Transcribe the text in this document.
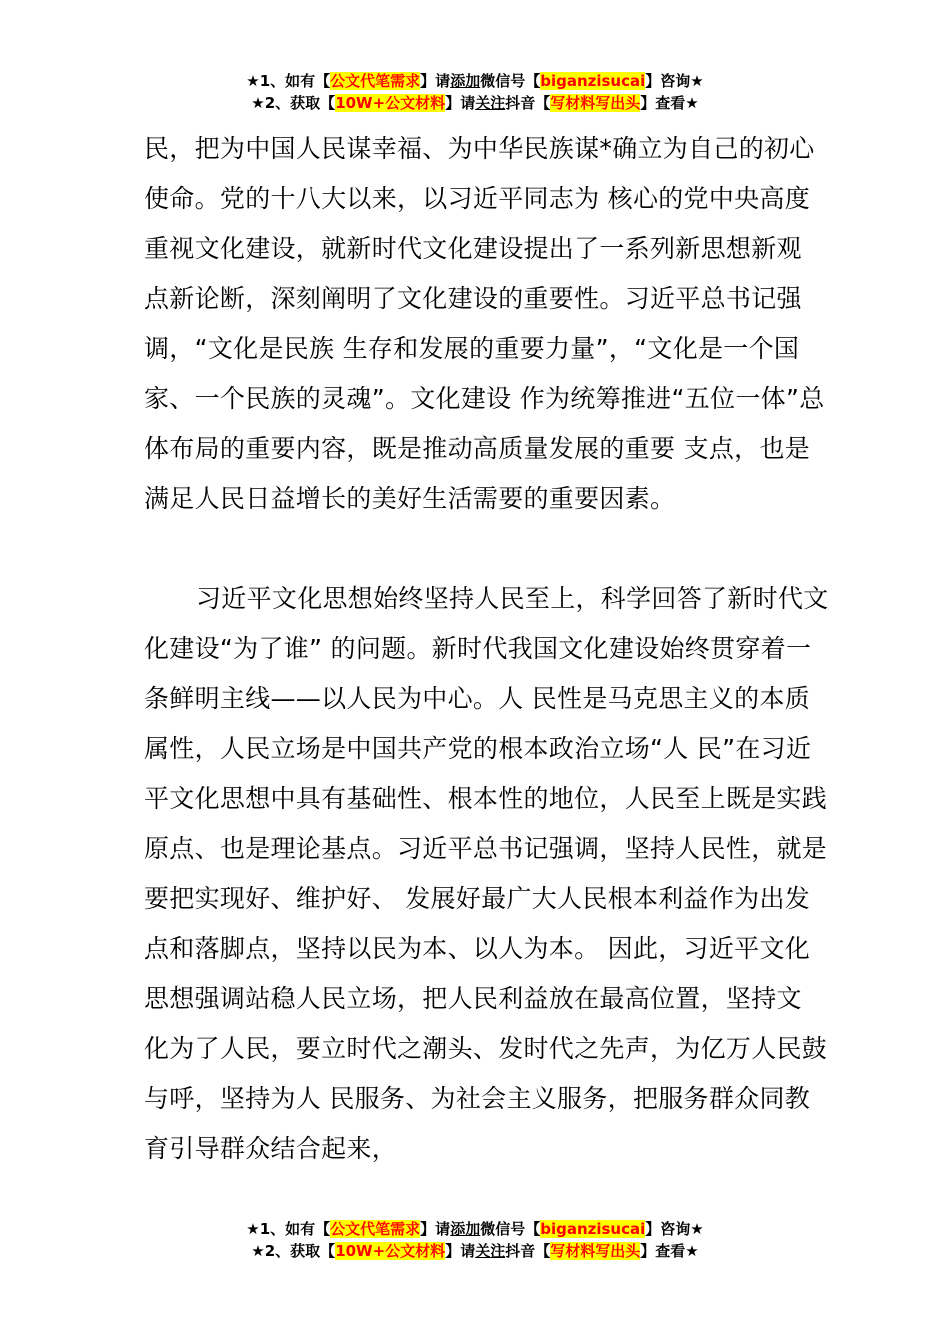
★1、如有【公文代笔需求】请添加微信号【biganzisucai】咨询★
★2、获取【10W+公文材料】请关注抖音【写材料写出头】查看★

民，把为中国人民谋幸福、为中华民族谋*确立为自己的初心使命。党的十八大以来，以习近平同志为 核心的党中央高度重视文化建设，就新时代文化建设提出了一系列新思想新观 点新论断，深刻阐明了文化建设的重要性。习近平总书记强调，“文化是民族 生存和发展的重要力量”，“文化是一个国家、一个民族的灵魂”。文化建设 作为统筹推进“五位一体”总体布局的重要内容，既是推动高质量发展的重要 支点，也是满足人民日益增长的美好生活需要的重要因素。

习近平文化思想始终坚持人民至上，科学回答了新时代文化建设“为了谁” 的问题。新时代我国文化建设始终贯穿着一条鲜明主线——以人民为中心。人 民性是马克思主义的本质属性，人民立场是中国共产党的根本政治立场“人 民”在习近平文化思想中具有基础性、根本性的地位，人民至上既是实践原点、也是理论基点。习近平总书记强调，坚持人民性，就是要把实现好、维护好、 发展好最广大人民根本利益作为出发点和落脚点，坚持以民为本、以人为本。 因此，习近平文化思想强调站稳人民立场，把人民利益放在最高位置，坚持文 化为了人民，要立时代之潮头、发时代之先声，为亿万人民鼓与呼，坚持为人 民服务、为社会主义服务，把服务群众同教育引导群众结合起来，

★1、如有【公文代笔需求】请添加微信号【biganzisucai】咨询★
★2、获取【10W+公文材料】请关注抖音【写材料写出头】查看★
